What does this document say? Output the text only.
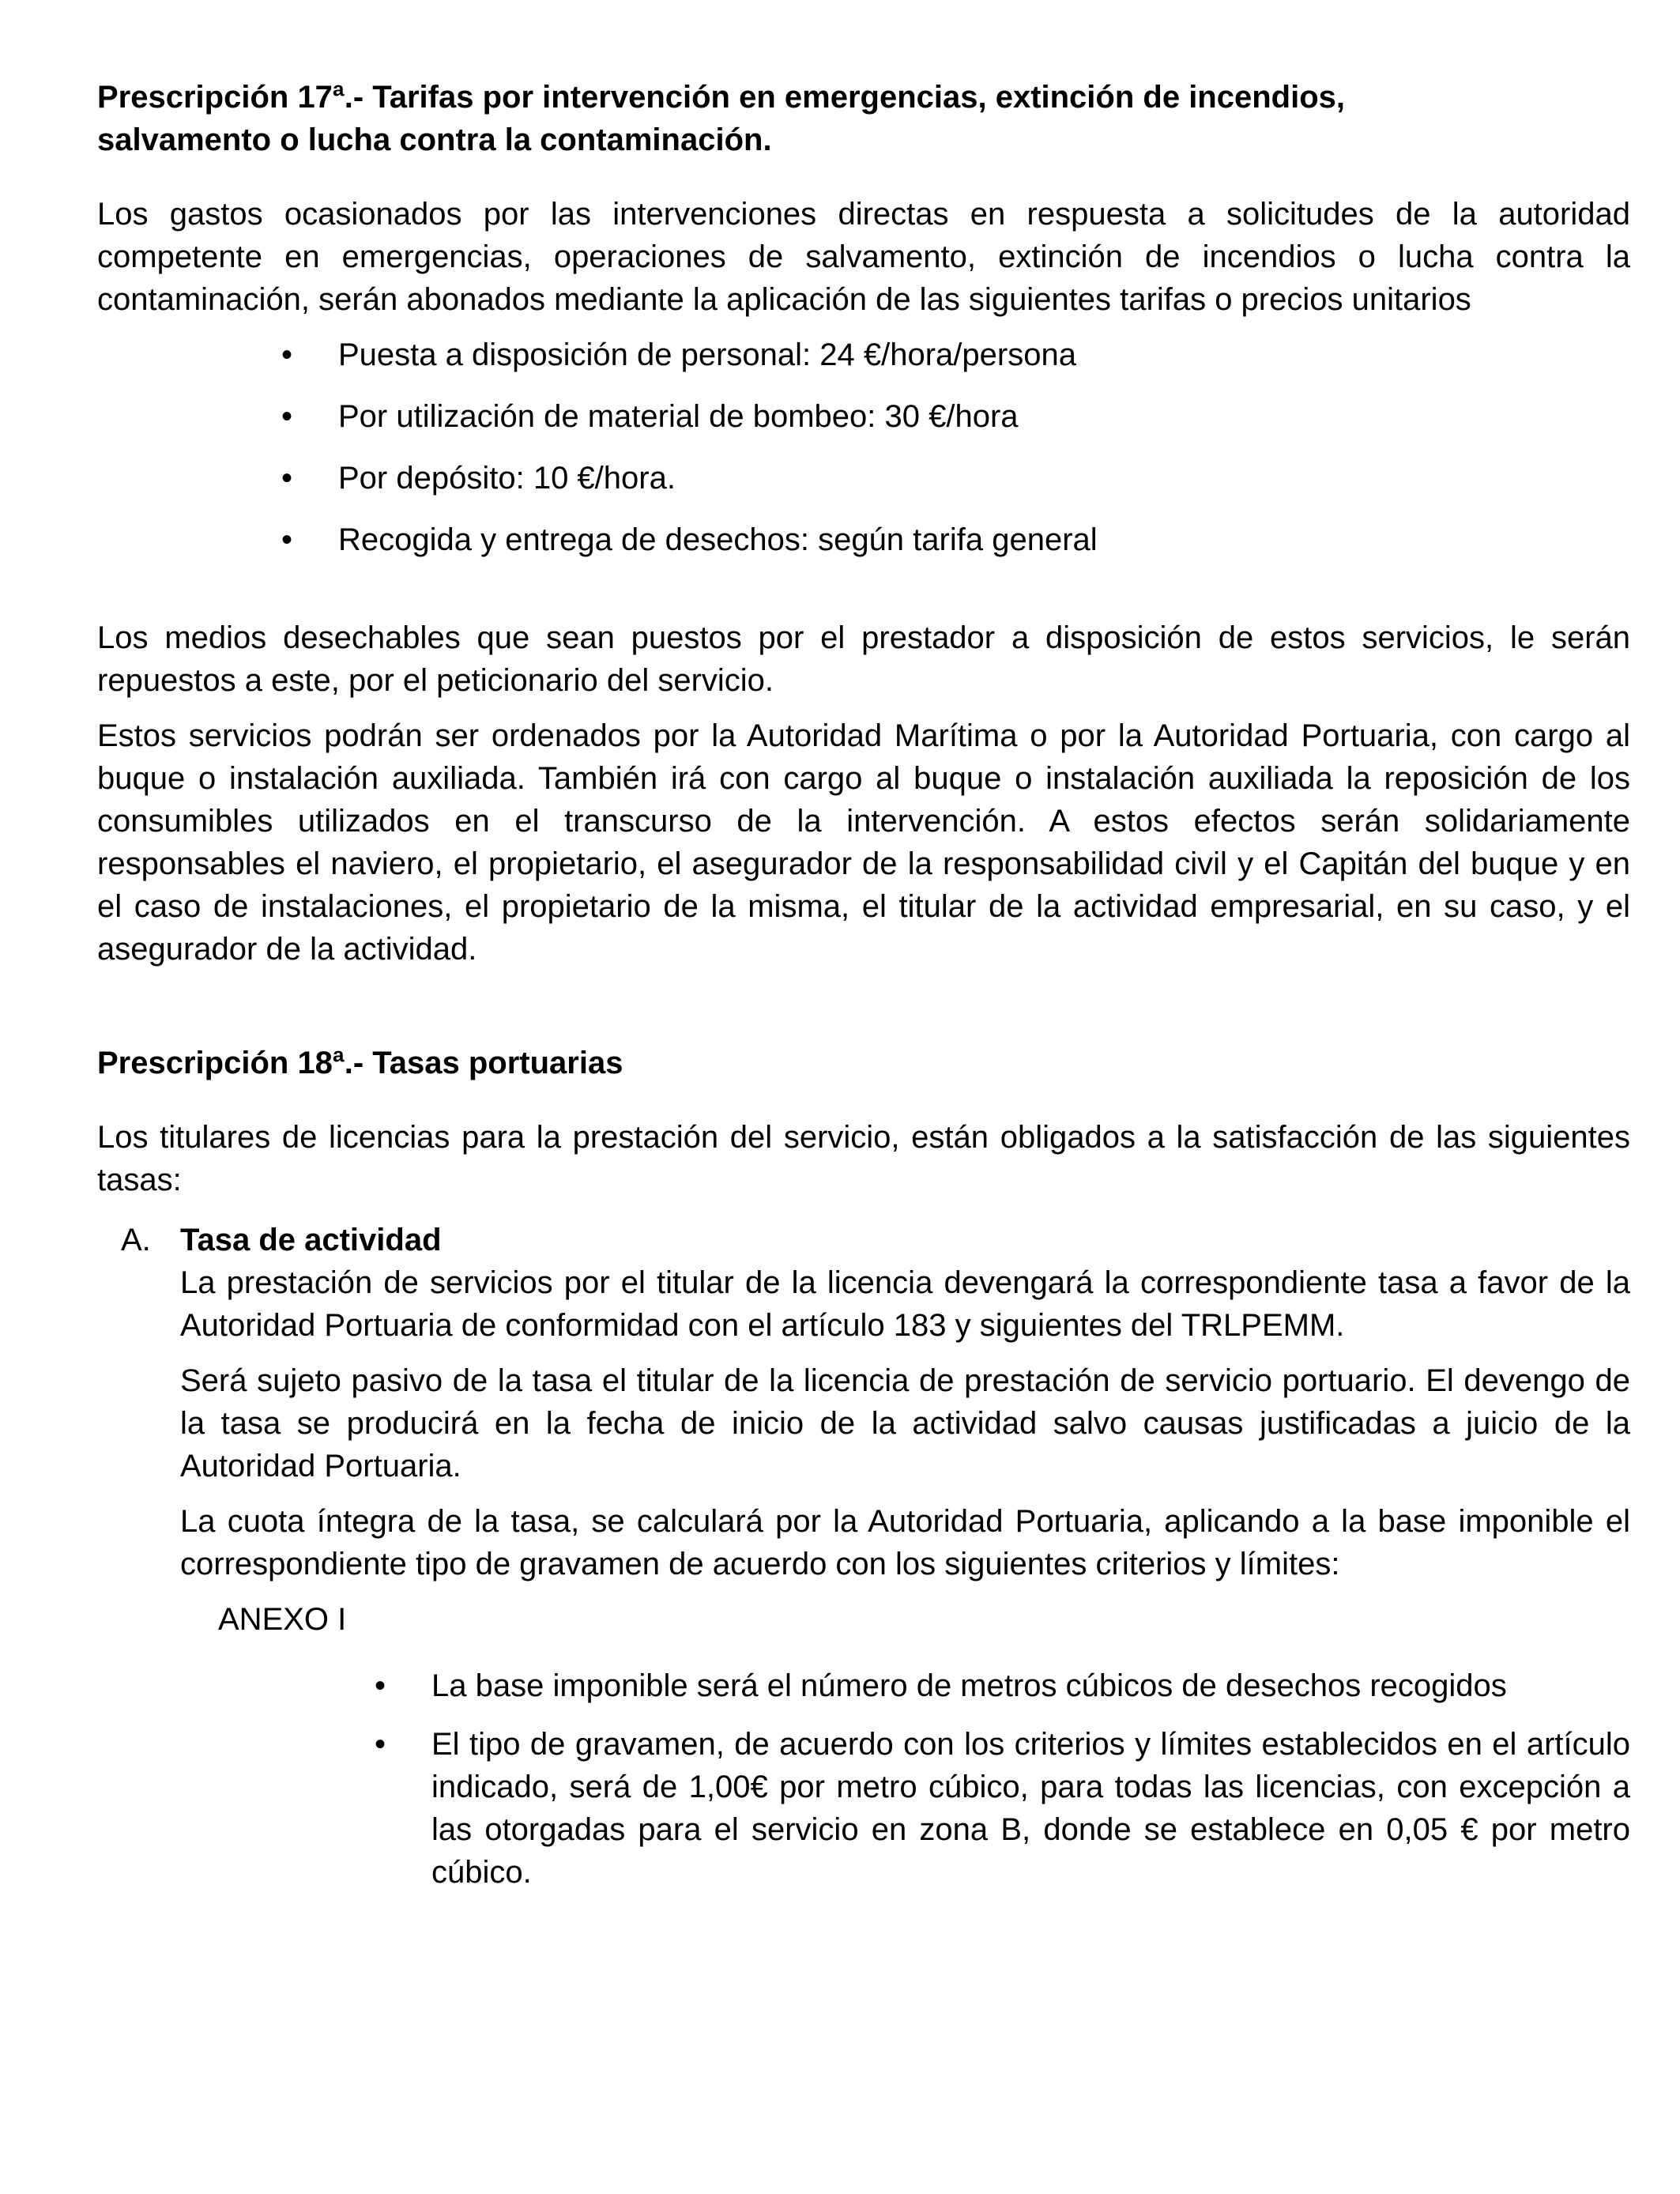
Prescripción 17ª.- Tarifas por intervención en emergencias, extinción de incendios,
salvamento o lucha contra la contaminación.

Los gastos ocasionados por las intervenciones directas en respuesta a solicitudes de la autoridad competente en emergencias, operaciones de salvamento, extinción de incendios o lucha contra la contaminación, serán abonados mediante la aplicación de las siguientes tarifas o precios unitarios

• Puesta a disposición de personal: 24 €/hora/persona
• Por utilización de material de bombeo: 30 €/hora
• Por depósito: 10 €/hora.
• Recogida y entrega de desechos: según tarifa general

Los medios desechables que sean puestos por el prestador a disposición de estos servicios, le serán repuestos a este, por el peticionario del servicio.

Estos servicios podrán ser ordenados por la Autoridad Marítima o por la Autoridad Portuaria, con cargo al buque o instalación auxiliada. También irá con cargo al buque o instalación auxiliada la reposición de los consumibles utilizados en el transcurso de la intervención. A estos efectos serán solidariamente responsables el naviero, el propietario, el asegurador de la responsabilidad civil y el Capitán del buque y en el caso de instalaciones, el propietario de la misma, el titular de la actividad empresarial, en su caso, y el asegurador de la actividad.

Prescripción 18ª.- Tasas portuarias

Los titulares de licencias para la prestación del servicio, están obligados a la satisfacción de las siguientes tasas:

A. Tasa de actividad

La prestación de servicios por el titular de la licencia devengará la correspondiente tasa a favor de la Autoridad Portuaria de conformidad con el artículo 183 y siguientes del TRLPEMM.

Será sujeto pasivo de la tasa el titular de la licencia de prestación de servicio portuario. El devengo de la tasa se producirá en la fecha de inicio de la actividad salvo causas justificadas a juicio de la Autoridad Portuaria.

La cuota íntegra de la tasa, se calculará por la Autoridad Portuaria, aplicando a la base imponible el correspondiente tipo de gravamen de acuerdo con los siguientes criterios y límites:

ANEXO I

• La base imponible será el número de metros cúbicos de desechos recogidos
• El tipo de gravamen, de acuerdo con los criterios y límites establecidos en el artículo indicado, será de 1,00€ por metro cúbico, para todas las licencias, con excepción a las otorgadas para el servicio en zona B, donde se establece en 0,05 € por metro cúbico.
